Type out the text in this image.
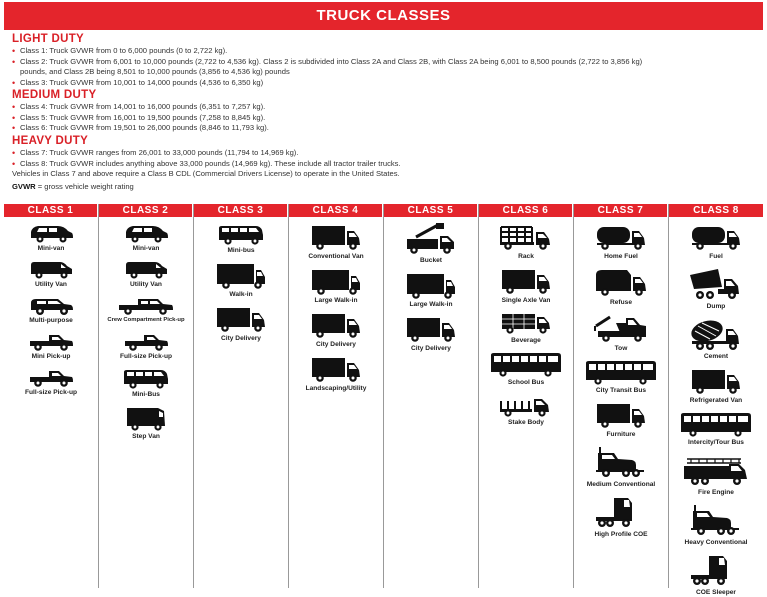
TRUCK CLASSES
LIGHT DUTY
• Class 1: Truck GVWR from 0 to 6,000 pounds (0 to 2,722 kg).
• Class 2: Truck GVWR from 6,001 to 10,000 pounds (2,722 to 4,536 kg). Class 2 is subdivided into Class 2A and Class 2B, with Class 2A being 6,001 to 8,500 pounds (2,722 to 3,856 kg)
pounds, and Class 2B being 8,501 to 10,000 pounds (3,856 to 4,536 kg) pounds
• Class 3: Truck GVWR from 10,001 to 14,000 pounds (4,536 to 6,350 kg)
MEDIUM DUTY
• Class 4: Truck GVWR from 14,001 to 16,000 pounds (6,351 to 7,257 kg).
• Class 5: Truck GVWR from 16,001 to 19,500 pounds (7,258 to 8,845 kg).
• Class 6: Truck GVWR from 19,501 to 26,000 pounds (8,846 to 11,793 kg).
HEAVY DUTY
• Class 7: Truck GVWR ranges from 26,001 to 33,000 pounds (11,794 to 14,969 kg).
• Class 8: Truck GVWR includes anything above 33,000 pounds (14,969 kg). These include all tractor trailer trucks.
Vehicles in Class 7 and above require a Class B CDL (Commercial Drivers License) to operate in the United States.
GVWR = gross vehicle weight rating
CLASS 1
Mini-van
Utility Van
Multi-purpose
Mini Pick-up
Full-size Pick-up
CLASS 2
Mini-van
Utility Van
Crew Compartment Pick-up
Full-size Pick-up
Mini-Bus
Step Van
CLASS 3
Mini-bus
Walk-in
City Delivery
CLASS 4
Conventional Van
Large Walk-in
City Delivery
Landscaping/Utility
CLASS 5
Bucket
Large Walk-in
City Delivery
CLASS 6
Rack
Single Axle Van
Beverage
School Bus
Stake Body
CLASS 7
Home Fuel
Refuse
Tow
City Transit Bus
Furniture
Medium Conventional
High Profile COE
CLASS 8
Fuel
Dump
Cement
Refrigerated Van
Intercity/Tour Bus
Fire Engine
Heavy Conventional
COE Sleeper
